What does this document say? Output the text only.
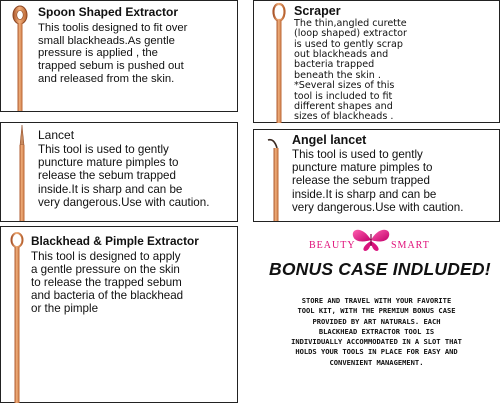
Spoon Shaped Extractor
This toolis designed to fit over
small blackheads.As gentle
pressure is applied , the
trapped sebum is pushed out
and released from the skin.
Scraper
The thin,angled curette
(loop shaped) extractor
is used to gently scrap
out blackheads and
bacteria trapped
beneath the skin .
*Several sizes of this
tool is included to fit
different shapes and
sizes of blackheads .
Lancet
This tool is used to gently
puncture mature pimples to
release the sebum trapped
inside.It is sharp and can be
very dangerous.Use with caution.
Angel lancet
This tool is used to gently
puncture mature pimples to
release the sebum trapped
inside.It is sharp and can be
very dangerous.Use with caution.
Blackhead & Pimple Extractor
This tool is designed to apply
a gentle pressure on the skin
to release the trapped sebum
and bacteria of the blackhead
or the pimple
BEAUTY	SMART
BONUS CASE INDLUDED!
STORE AND TRAVEL WITH YOUR FAVORITE
TOOL KIT, WITH THE PREMIUM BONUS CASE
PROVIDED BY ART NATURALS. EACH
BLACKHEAD EXTRACTOR TOOL IS
INDIVIDUALLY ACCOMMODATED IN A SLOT THAT
HOLDS YOUR TOOLS IN PLACE FOR EASY AND
CONVENIENT MANAGEMENT.
